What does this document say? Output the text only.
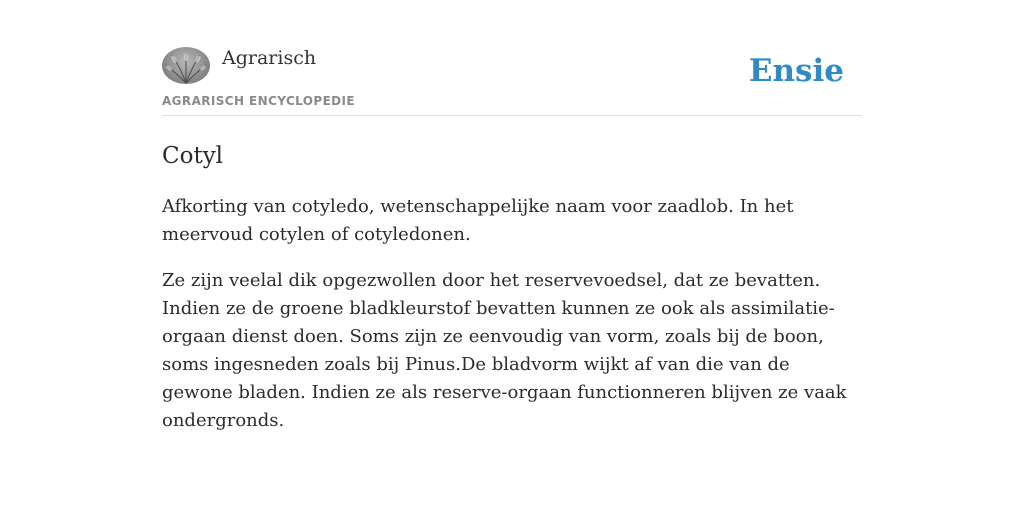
Agrarisch
AGRARISCH ENCYCLOPEDIE
Ensie
Cotyl

Afkorting van cotyledo, wetenschappelijke naam voor zaadlob. In het meervoud cotylen of cotyledonen.

Ze zijn veelal dik opgezwollen door het reservevoedsel, dat ze bevatten. Indien ze de groene bladkleurstof bevatten kunnen ze ook als assimilatie-orgaan dienst doen. Soms zijn ze eenvoudig van vorm, zoals bij de boon, soms ingesneden zoals bij Pinus.De bladvorm wijkt af van die van de gewone bladen. Indien ze als reserve-orgaan functionneren blijven ze vaak ondergronds.
